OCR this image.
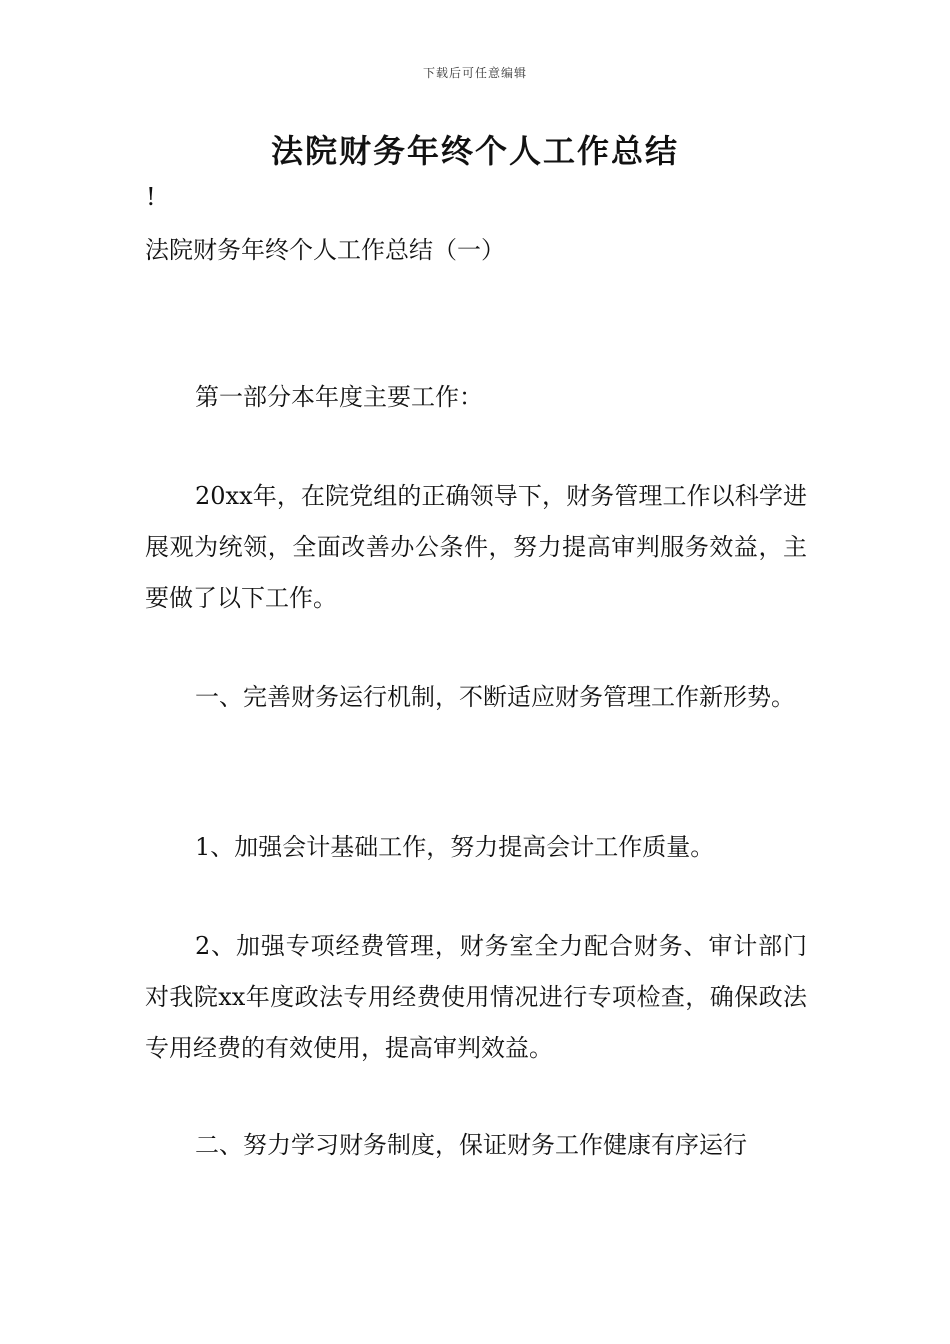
下载后可任意编辑
法院财务年终个人工作总结
!
法院财务年终个人工作总结（一）

第一部分本年度主要工作：

20xx年，在院党组的正确领导下，财务管理工作以科学进展观为统领，全面改善办公条件，努力提高审判服务效益，主要做了以下工作。

一、完善财务运行机制，不断适应财务管理工作新形势。

1、加强会计基础工作，努力提高会计工作质量。

2、加强专项经费管理，财务室全力配合财务、审计部门对我院xx年度政法专用经费使用情况进行专项检查，确保政法专用经费的有效使用，提高审判效益。

二、努力学习财务制度，保证财务工作健康有序运行
